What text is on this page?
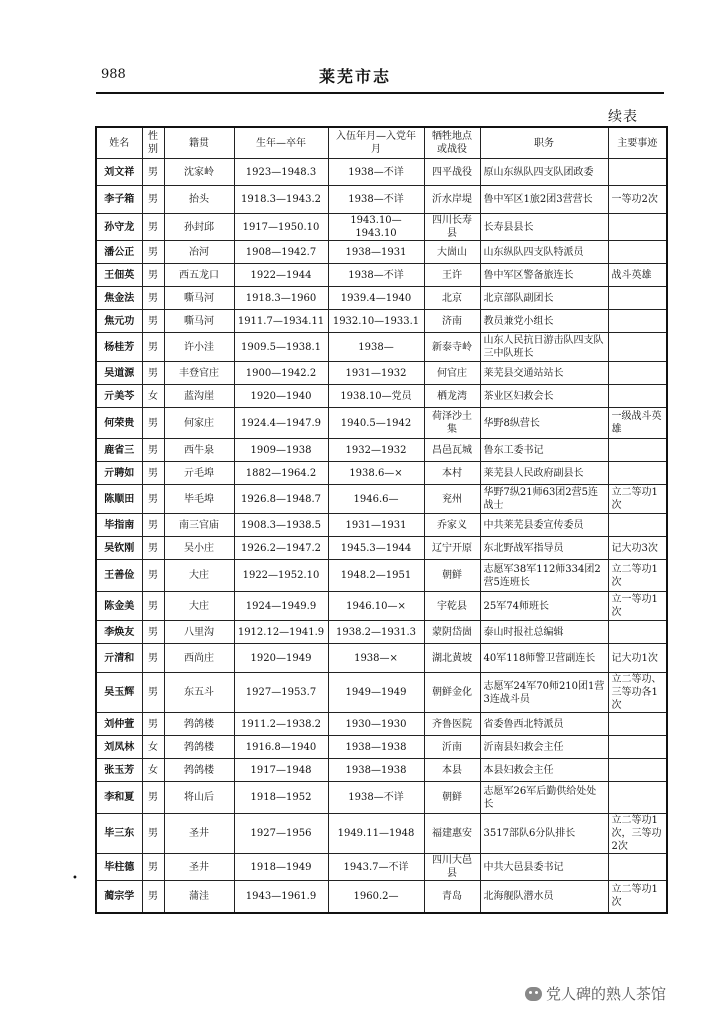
988	莱芜市志
续表
姓名	性别	籍贯	生年—卒年	入伍年月—入党年月	牺牲地点或战役	职务	主要事迹
刘文祥	男	沈家岭	1923—1948.3	1938—不详	四平战役	原山东纵队四支队团政委	
李子箱	男	抬头	1918.3—1943.2	1938—不详	沂水岸堤	鲁中军区1旅2团3营营长	一等功2次
孙守龙	男	孙封邱	1917—1950.10	1943.10—1943.10	四川长寿县	长寿县县长	
潘公正	男	冶河	1908—1942.7	1938—1931	大崮山	山东纵队四支队特派员	
王佃英	男	西五龙口	1922—1944	1938—不详	王许	鲁中军区警备旅连长	战斗英雄
焦金法	男	嘶马河	1918.3—1960	1939.4—1940	北京	北京部队副团长	
焦元功	男	嘶马河	1911.7—1934.11	1932.10—1933.1	济南	教员兼党小组长	
杨桂芳	男	许小洼	1909.5—1938.1	1938—	新泰寺岭	山东人民抗日游击队四支队三中队班长	
吴道源	男	丰登官庄	1900—1942.2	1931—1932	何官庄	莱芜县交通站站长	
亓美芩	女	蓝沟崖	1920—1940	1938.10—党员	栖龙湾	茶业区妇救会长	
何荣贵	男	何家庄	1924.4—1947.9	1940.5—1942	荷泽沙土集	华野8纵营长	一级战斗英雄
鹿省三	男	西牛泉	1909—1938	1932—1932	昌邑瓦城	鲁东工委书记	
亓聘如	男	亓毛埠	1882—1964.2	1938.6—×	本村	莱芜县人民政府副县长	
陈顺田	男	毕毛埠	1926.8—1948.7	1946.6—	兖州	华野7纵21师63团2营5连战士	立二等功1次
毕指南	男	南三官庙	1908.3—1938.5	1931—1931	乔家义	中共莱芜县委宣传委员	
吴钦刚	男	吴小庄	1926.2—1947.2	1945.3—1944	辽宁开原	东北野战军指导员	记大功3次
王善俭	男	大庄	1922—1952.10	1948.2—1951	朝鲜	志愿军38军112师334团2营5连班长	立二等功1次
陈金美	男	大庄	1924—1949.9	1946.10—×	宇乾县	25军74师班长	立一等功1次
李焕友	男	八里沟	1912.12—1941.9	1938.2—1931.3	蒙阴岱崮	泰山时报社总编辑	
亓清和	男	西尚庄	1920—1949	1938—×	湖北黄坡	40军118师警卫营副连长	记大功1次
吴玉辉	男	东五斗	1927—1953.7	1949—1949	朝鲜金化	志愿军24军70师210团1营3连战斗员	立二等功、三等功各1次
刘仲萱	男	鹁鸽楼	1911.2—1938.2	1930—1930	齐鲁医院	省委鲁西北特派员	
刘凤林	女	鹁鸽楼	1916.8—1940	1938—1938	沂南	沂南县妇救会主任	
张玉芳	女	鹁鸽楼	1917—1948	1938—1938	本县	本县妇救会主任	
李和夏	男	将山后	1918—1952	1938—不详	朝鲜	志愿军26军后勤供给处处长	
毕三东	男	圣井	1927—1956	1949.11—1948	福建惠安	3517部队6分队排长	立二等功1次，三等功2次
毕柱德	男	圣井	1918—1949	1943.7—不详	四川大邑县	中共大邑县委书记	
蔺宗学	男	蒲洼	1943—1961.9	1960.2—	青岛	北海舰队潜水员	立二等功1次
•
党人碑的熟人茶馆
